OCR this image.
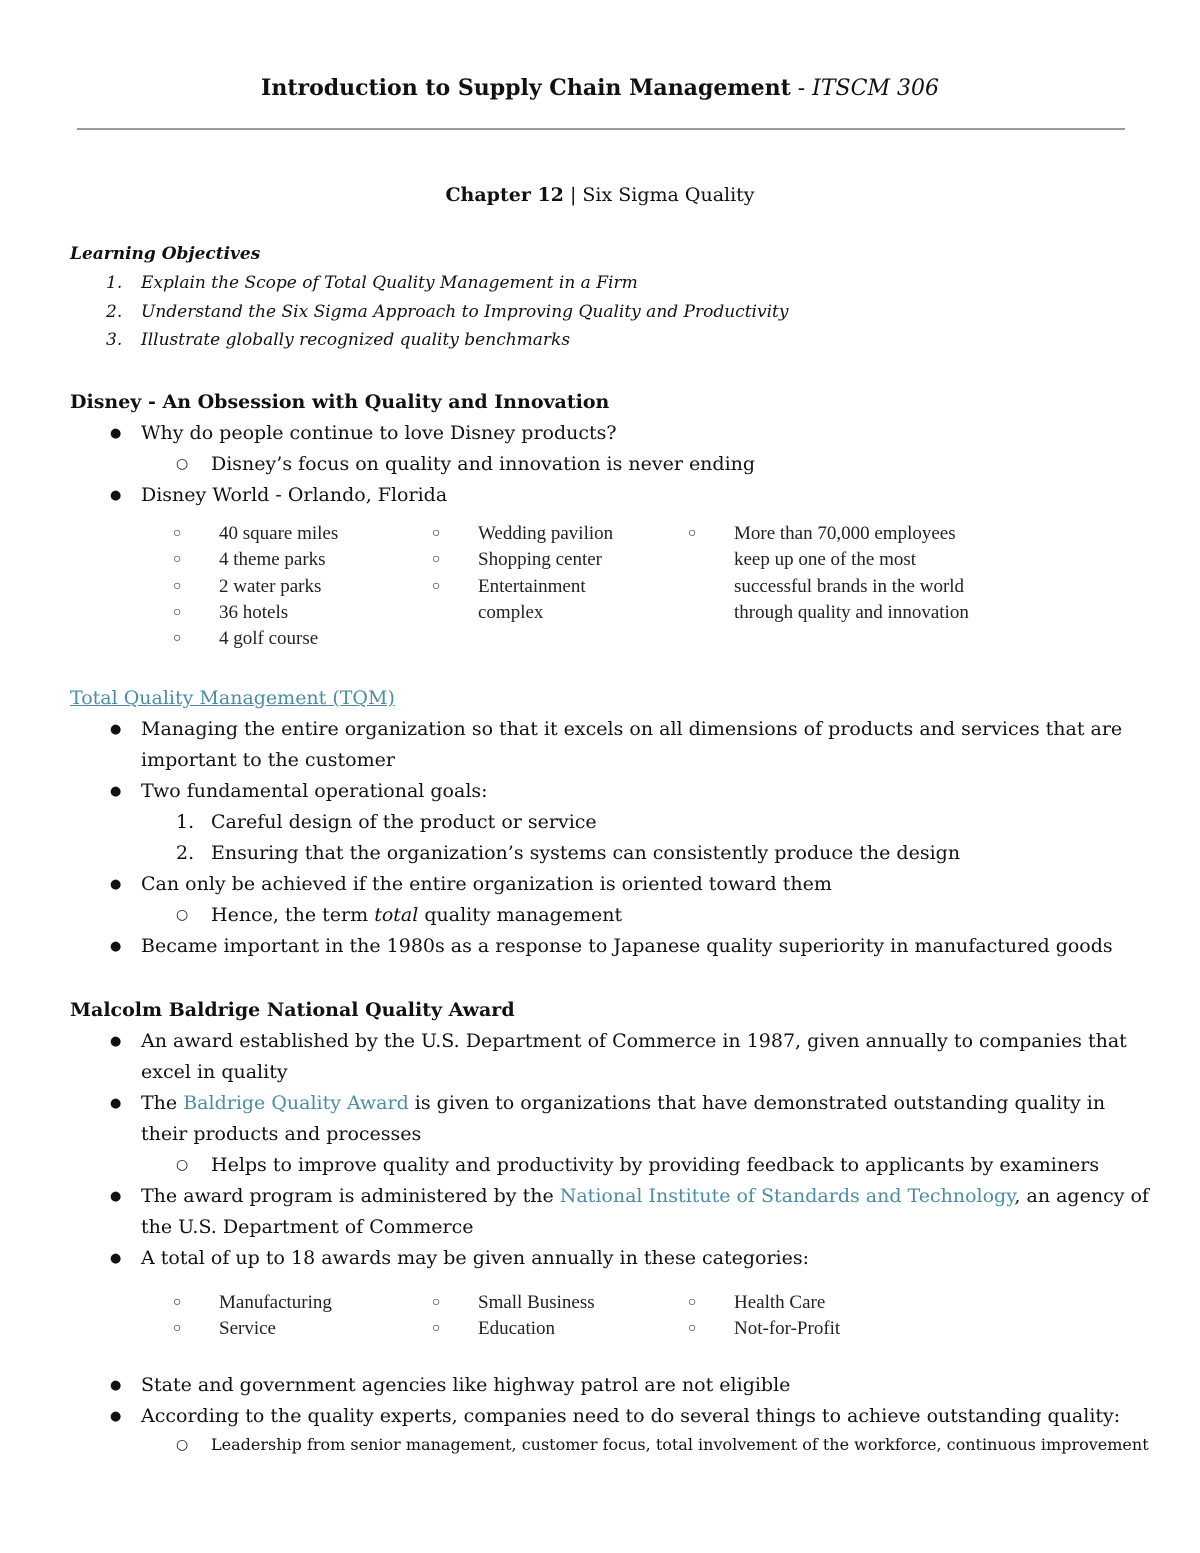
Introduction to Supply Chain Management - ITSCM 306
Chapter 12 | Six Sigma Quality
Learning Objectives
1. Explain the Scope of Total Quality Management in a Firm
2. Understand the Six Sigma Approach to Improving Quality and Productivity
3. Illustrate globally recognized quality benchmarks
Disney - An Obsession with Quality and Innovation
● Why do people continue to love Disney products?
○ Disney’s focus on quality and innovation is never ending
● Disney World - Orlando, Florida
○ 40 square miles
○ 4 theme parks
○ 2 water parks
○ 36 hotels
○ 4 golf course
○ Wedding pavilion
○ Shopping center
○ Entertainment complex
○ More than 70,000 employees keep up one of the most successful brands in the world through quality and innovation
Total Quality Management (TQM)
● Managing the entire organization so that it excels on all dimensions of products and services that are important to the customer
● Two fundamental operational goals:
1. Careful design of the product or service
2. Ensuring that the organization’s systems can consistently produce the design
● Can only be achieved if the entire organization is oriented toward them
○ Hence, the term total quality management
● Became important in the 1980s as a response to Japanese quality superiority in manufactured goods
Malcolm Baldrige National Quality Award
● An award established by the U.S. Department of Commerce in 1987, given annually to companies that excel in quality
● The Baldrige Quality Award is given to organizations that have demonstrated outstanding quality in their products and processes
○ Helps to improve quality and productivity by providing feedback to applicants by examiners
● The award program is administered by the National Institute of Standards and Technology, an agency of the U.S. Department of Commerce
● A total of up to 18 awards may be given annually in these categories:
○ Manufacturing
○ Service
○ Small Business
○ Education
○ Health Care
○ Not-for-Profit
● State and government agencies like highway patrol are not eligible
● According to the quality experts, companies need to do several things to achieve outstanding quality:
○ Leadership from senior management, customer focus, total involvement of the workforce, continuous improvement
